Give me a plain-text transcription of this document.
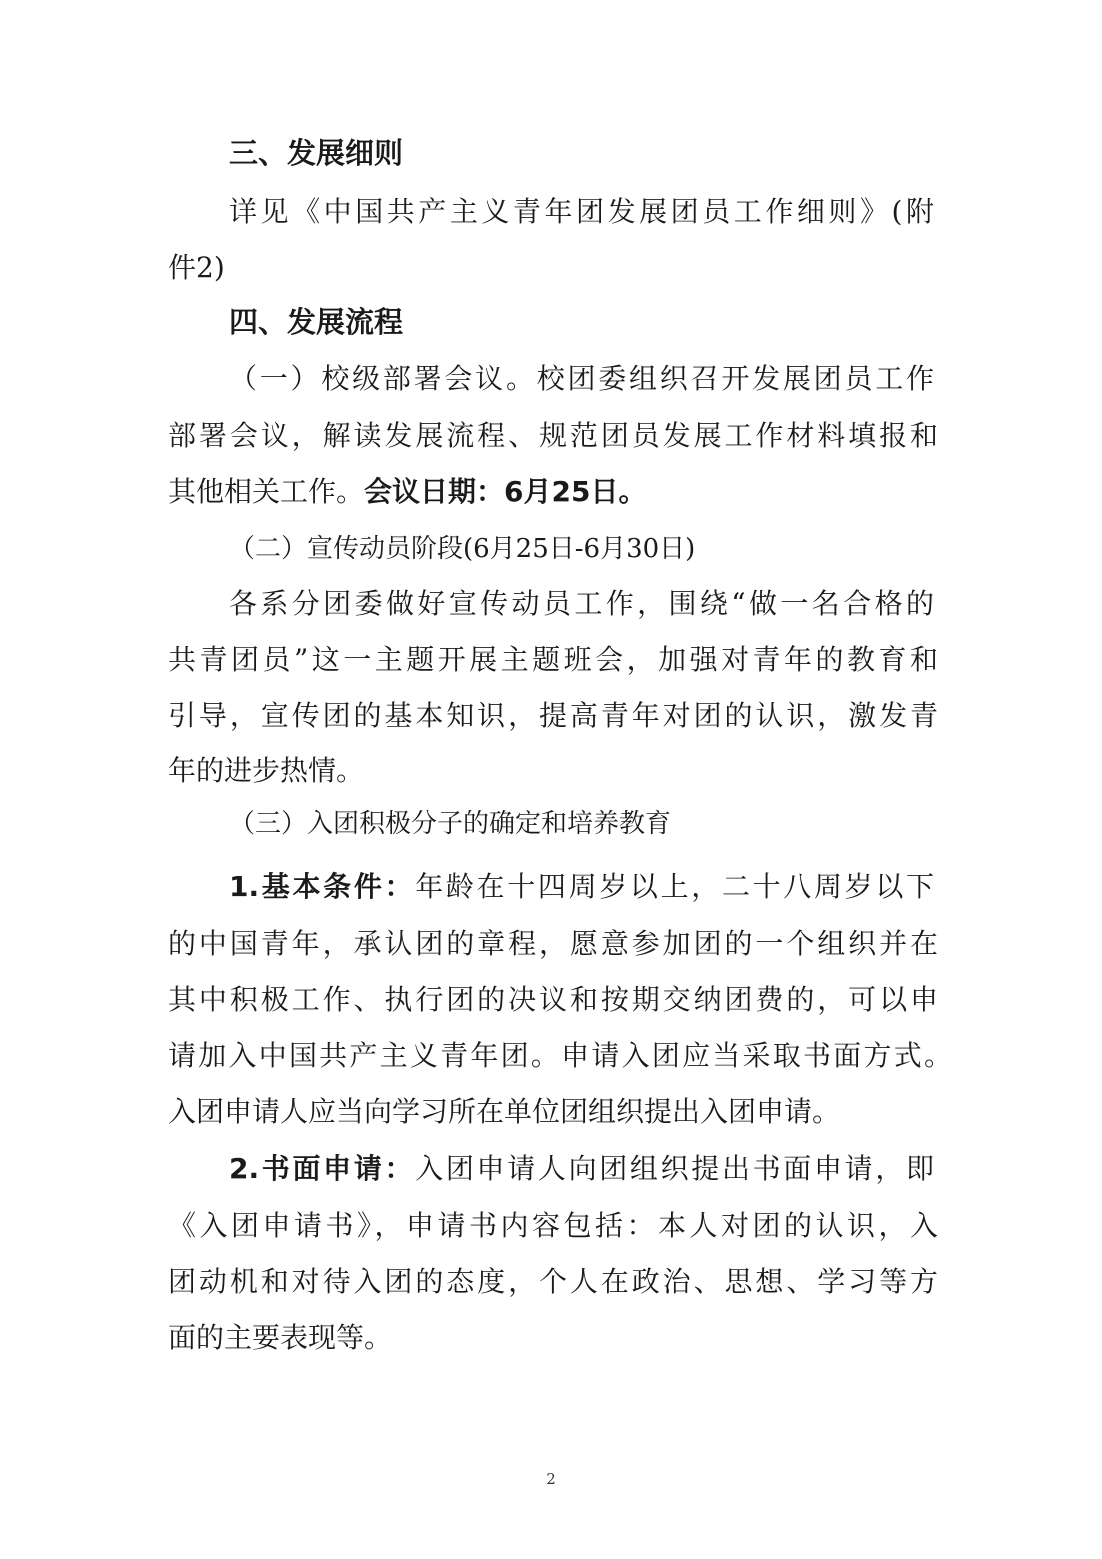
三、发展细则
详见《中国共产主义青年团发展团员工作细则》(附
件2)
四、发展流程
（一）校级部署会议。校团委组织召开发展团员工作
部署会议，解读发展流程、规范团员发展工作材料填报和
其他相关工作。会议日期：6月25日。
（二）宣传动员阶段(6月25日-6月30日)
各系分团委做好宣传动员工作，围绕“做一名合格的
共青团员”这一主题开展主题班会，加强对青年的教育和
引导，宣传团的基本知识，提高青年对团的认识，激发青
年的进步热情。
（三）入团积极分子的确定和培养教育
1.基本条件：年龄在十四周岁以上，二十八周岁以下
的中国青年，承认团的章程，愿意参加团的一个组织并在
其中积极工作、执行团的决议和按期交纳团费的，可以申
请加入中国共产主义青年团。申请入团应当采取书面方式。
入团申请人应当向学习所在单位团组织提出入团申请。
2.书面申请：入团申请人向团组织提出书面申请，即
《入团申请书》，申请书内容包括：本人对团的认识，入
团动机和对待入团的态度，个人在政治、思想、学习等方
面的主要表现等。
2
